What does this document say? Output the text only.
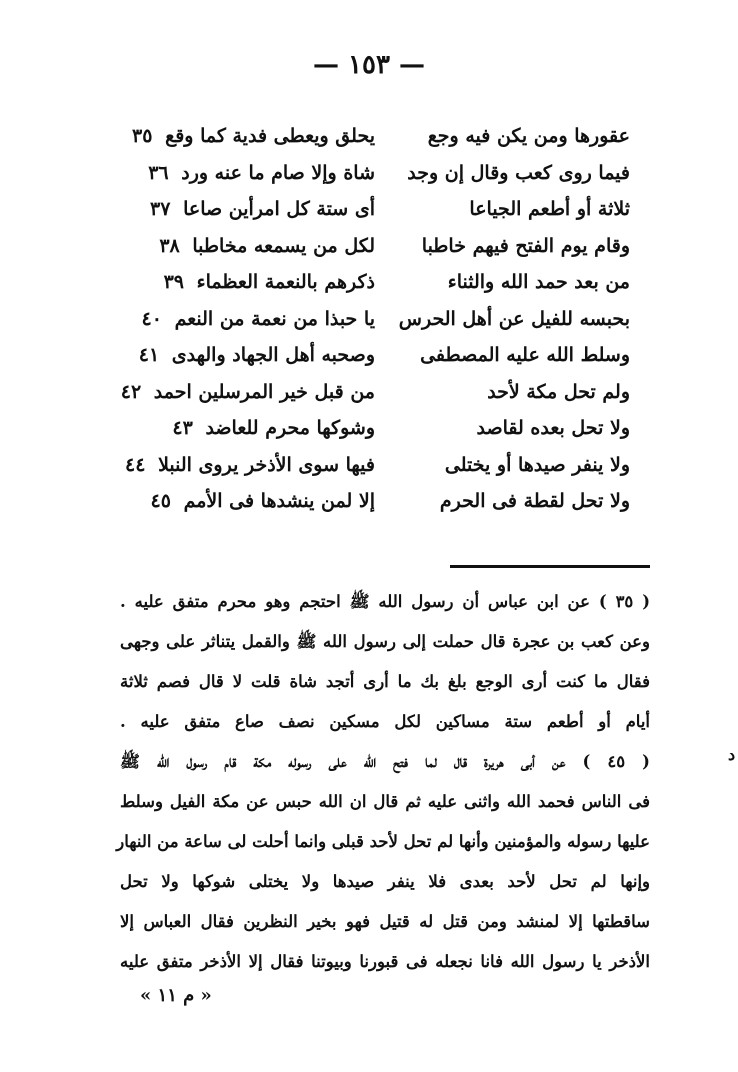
— ١٥٣ —
عقورها ومن يكن فيه وجع
يحلق ويعطى فدية كما وقع ٣٥
فيما روى كعب وقال إن وجد
شاة وإلا صام ما عنه ورد ٣٦
ثلاثة أو أطعم الجياعا
أى ستة كل امرأين صاعا ٣٧
وقام يوم الفتح فيهم خاطبا
لكل من يسمعه مخاطبا ٣٨
من بعد حمد الله والثناء
ذكرهم بالنعمة العظماء ٣٩
بحبسه للفيل عن أهل الحرس
يا حبذا من نعمة من النعم ٤٠
وسلط الله عليه المصطفى
وصحبه أهل الجهاد والهدى ٤١
ولم تحل مكة لأحد
من قبل خير المرسلين احمد ٤٢
ولا تحل بعده لقاصد
وشوكها محرم للعاضد ٤٣
ولا ينفر صيدها أو يختلى
فيها سوى الأذخر يروى النبلا ٤٤
ولا تحل لقطة فى الحرم
إلا لمن ينشدها فى الأمم ٤٥
( ٣٥ ) عن ابن عباس أن رسول الله ﷺ احتجم وهو محرم متفق عليه .
وعن كعب بن عجرة قال حملت إلى رسول الله ﷺ والقمل يتناثر على وجهى
فقال ما كنت أرى الوجع بلغ بك ما أرى أتجد شاة قلت لا قال فصم ثلاثة
أيام أو أطعم ستة مساكين لكل مسكين نصف صاع متفق عليه .
( ٤٥ ) عن أبى هريرة قال لما فتح الله على رسوله مكة قام رسول الله ﷺ
فى الناس فحمد الله واثنى عليه ثم قال ان الله حبس عن مكة الفيل وسلط
عليها رسوله والمؤمنين وأنها لم تحل لأحد قبلى وانما أحلت لى ساعة من النهار
وإنها لم تحل لأحد بعدى فلا ينفر صيدها ولا يختلى شوكها ولا تحل
ساقطتها إلا لمنشد ومن قتل له قتيل فهو بخير النظرين فقال العباس إلا
الأذخر يا رسول الله فانا نجعله فى قبورنا وبيوتنا فقال إلا الأذخر متفق عليه
« م ١١ »
د
